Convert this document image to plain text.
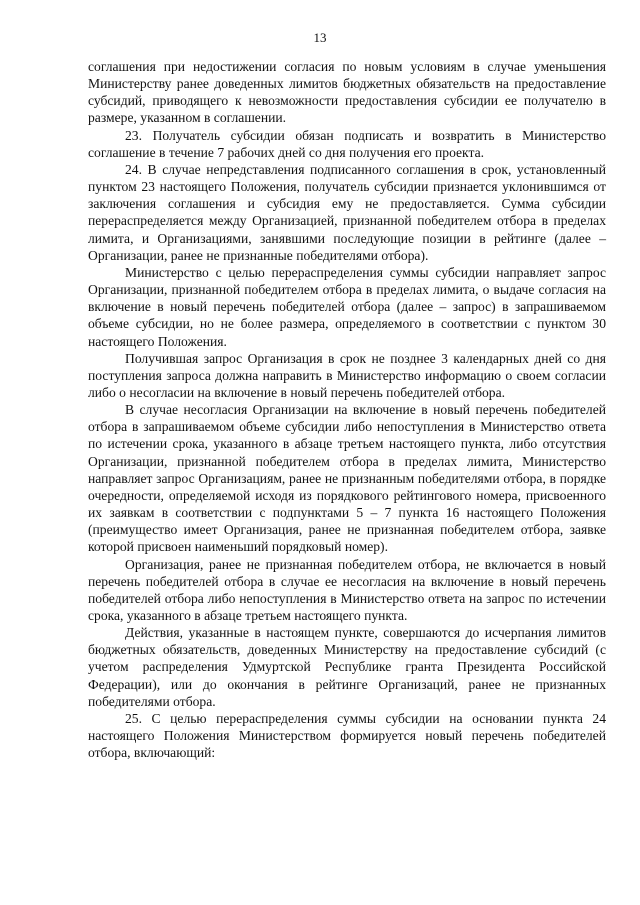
13

соглашения при недостижении согласия по новым условиям в случае уменьшения Министерству ранее доведенных лимитов бюджетных обязательств на предоставление субсидий, приводящего к невозможности предоставления субсидии ее получателю в размере, указанном в соглашении.

23. Получатель субсидии обязан подписать и возвратить в Министерство соглашение в течение 7 рабочих дней со дня получения его проекта.

24. В случае непредставления подписанного соглашения в срок, установленный пунктом 23 настоящего Положения, получатель субсидии признается уклонившимся от заключения соглашения и субсидия ему не предоставляется. Сумма субсидии перераспределяется между Организацией, признанной победителем отбора в пределах лимита, и Организациями, занявшими последующие позиции в рейтинге (далее – Организации, ранее не признанные победителями отбора).

Министерство с целью перераспределения суммы субсидии направляет запрос Организации, признанной победителем отбора в пределах лимита, о выдаче согласия на включение в новый перечень победителей отбора (далее – запрос) в запрашиваемом объеме субсидии, но не более размера, определяемого в соответствии с пунктом 30 настоящего Положения.

Получившая запрос Организация в срок не позднее 3 календарных дней со дня поступления запроса должна направить в Министерство информацию о своем согласии либо о несогласии на включение в новый перечень победителей отбора.

В случае несогласия Организации на включение в новый перечень победителей отбора в запрашиваемом объеме субсидии либо непоступления в Министерство ответа по истечении срока, указанного в абзаце третьем настоящего пункта, либо отсутствия Организации, признанной победителем отбора в пределах лимита, Министерство направляет запрос Организациям, ранее не признанным победителями отбора, в порядке очередности, определяемой исходя из порядкового рейтингового номера, присвоенного их заявкам в соответствии с подпунктами 5 – 7 пункта 16 настоящего Положения (преимущество имеет Организация, ранее не признанная победителем отбора, заявке которой присвоен наименьший порядковый номер).

Организация, ранее не признанная победителем отбора, не включается в новый перечень победителей отбора в случае ее несогласия на включение в новый перечень победителей отбора либо непоступления в Министерство ответа на запрос по истечении срока, указанного в абзаце третьем настоящего пункта.

Действия, указанные в настоящем пункте, совершаются до исчерпания лимитов бюджетных обязательств, доведенных Министерству на предоставление субсидий (с учетом распределения Удмуртской Республике гранта Президента Российской Федерации), или до окончания в рейтинге Организаций, ранее не признанных победителями отбора.

25. С целью перераспределения суммы субсидии на основании пункта 24 настоящего Положения Министерством формируется новый перечень победителей отбора, включающий:
